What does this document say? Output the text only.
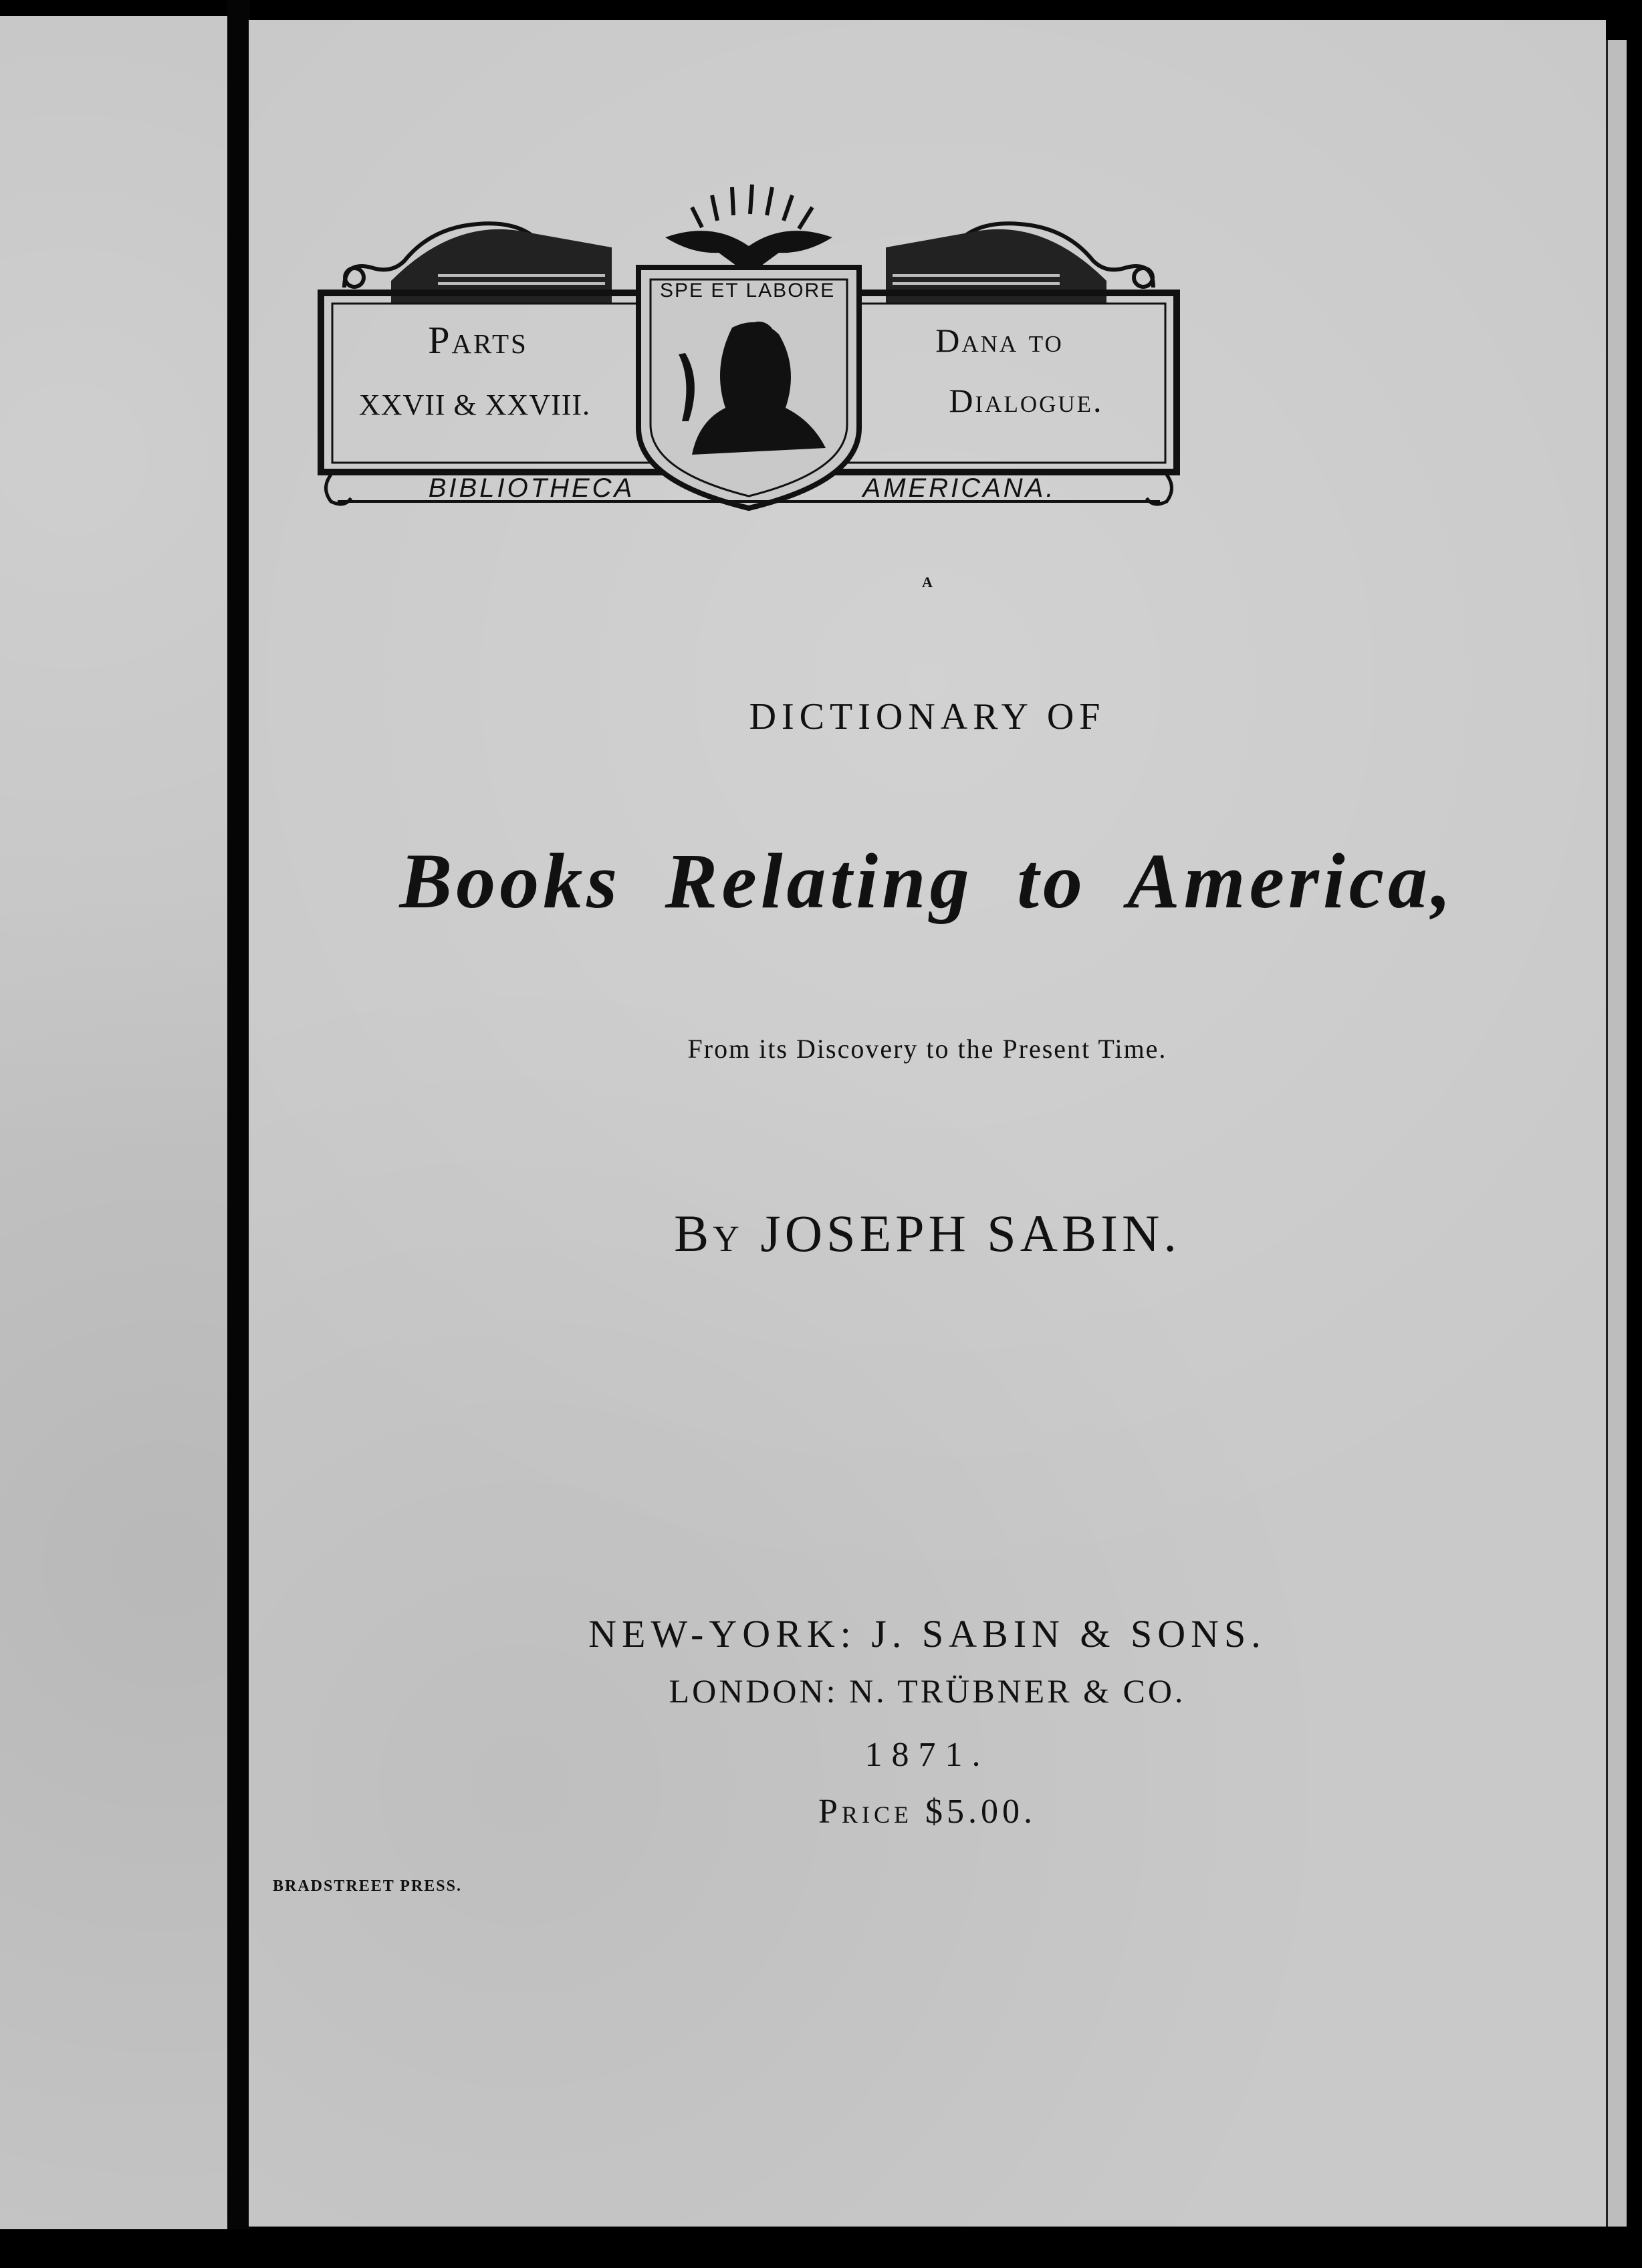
Parts
XXVII & XXVIII.
Dana to
Dialogue.
SPE ET LABORE
BIBLIOTHECA	AMERICANA.
A
DICTIONARY OF
Books Relating to America,
From its Discovery to the Present Time.
By JOSEPH SABIN.
NEW-YORK: J. SABIN & SONS.
LONDON: N. TRÜBNER & CO.
1871.
Price $5.00.
BRADSTREET PRESS.
